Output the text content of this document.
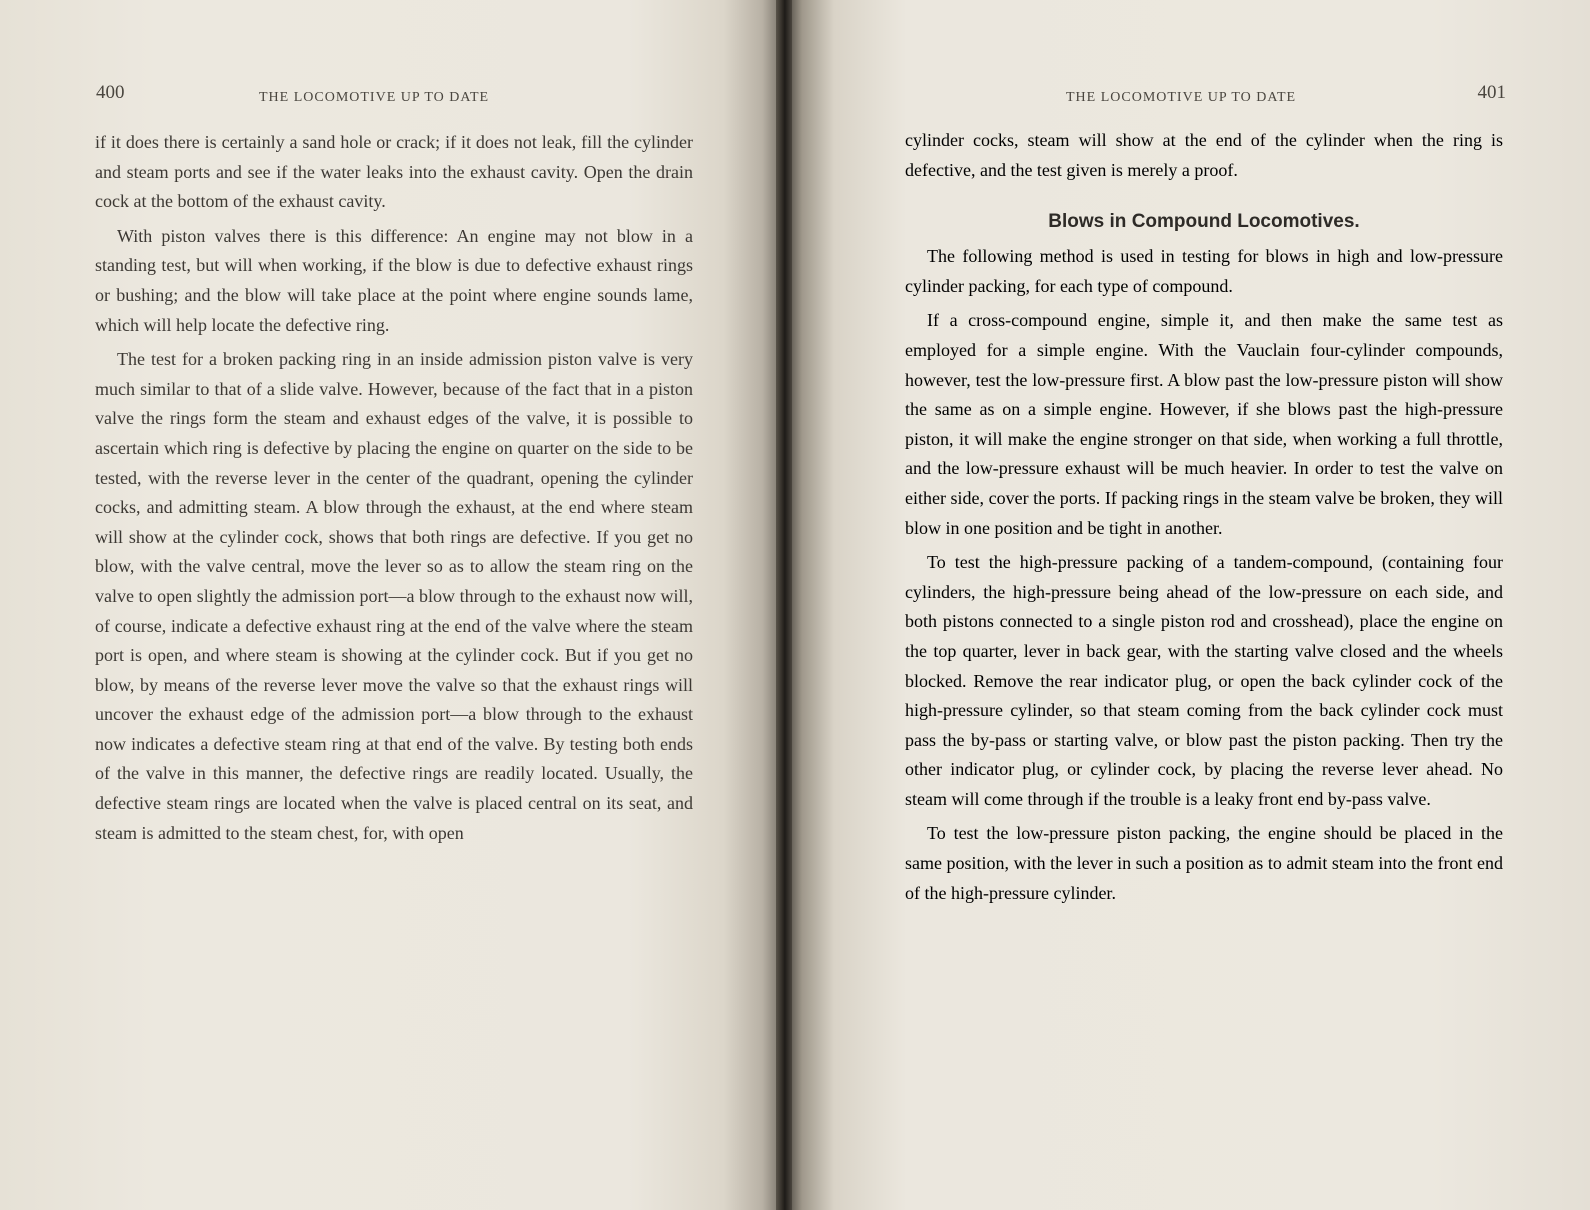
400	THE LOCOMOTIVE UP TO DATE

if it does there is certainly a sand hole or crack; if it does not leak, fill the cylinder and steam ports and see if the water leaks into the exhaust cavity. Open the drain cock at the bottom of the exhaust cavity.

With piston valves there is this difference: An engine may not blow in a standing test, but will when working, if the blow is due to defective exhaust rings or bushing; and the blow will take place at the point where engine sounds lame, which will help locate the defective ring.

The test for a broken packing ring in an inside admission piston valve is very much similar to that of a slide valve. However, because of the fact that in a piston valve the rings form the steam and exhaust edges of the valve, it is possible to ascertain which ring is defective by placing the engine on quarter on the side to be tested, with the reverse lever in the center of the quadrant, opening the cylinder cocks, and admitting steam. A blow through the exhaust, at the end where steam will show at the cylinder cock, shows that both rings are defective. If you get no blow, with the valve central, move the lever so as to allow the steam ring on the valve to open slightly the admission port—a blow through to the exhaust now will, of course, indicate a defective exhaust ring at the end of the valve where the steam port is open, and where steam is showing at the cylinder cock. But if you get no blow, by means of the reverse lever move the valve so that the exhaust rings will uncover the exhaust edge of the admission port—a blow through to the exhaust now indicates a defective steam ring at that end of the valve. By testing both ends of the valve in this manner, the defective rings are readily located. Usually, the defective steam rings are located when the valve is placed central on its seat, and steam is admitted to the steam chest, for, with open

THE LOCOMOTIVE UP TO DATE	401

cylinder cocks, steam will show at the end of the cylinder when the ring is defective, and the test given is merely a proof.

Blows in Compound Locomotives.

The following method is used in testing for blows in high and low-pressure cylinder packing, for each type of compound.

If a cross-compound engine, simple it, and then make the same test as employed for a simple engine. With the Vauclain four-cylinder compounds, however, test the low-pressure first. A blow past the low-pressure piston will show the same as on a simple engine. However, if she blows past the high-pressure piston, it will make the engine stronger on that side, when working a full throttle, and the low-pressure exhaust will be much heavier. In order to test the valve on either side, cover the ports. If packing rings in the steam valve be broken, they will blow in one position and be tight in another.

To test the high-pressure packing of a tandem-compound, (containing four cylinders, the high-pressure being ahead of the low-pressure on each side, and both pistons connected to a single piston rod and crosshead), place the engine on the top quarter, lever in back gear, with the starting valve closed and the wheels blocked. Remove the rear indicator plug, or open the back cylinder cock of the high-pressure cylinder, so that steam coming from the back cylinder cock must pass the by-pass or starting valve, or blow past the piston packing. Then try the other indicator plug, or cylinder cock, by placing the reverse lever ahead. No steam will come through if the trouble is a leaky front end by-pass valve.

To test the low-pressure piston packing, the engine should be placed in the same position, with the lever in such a position as to admit steam into the front end of the high-pressure cylinder.
